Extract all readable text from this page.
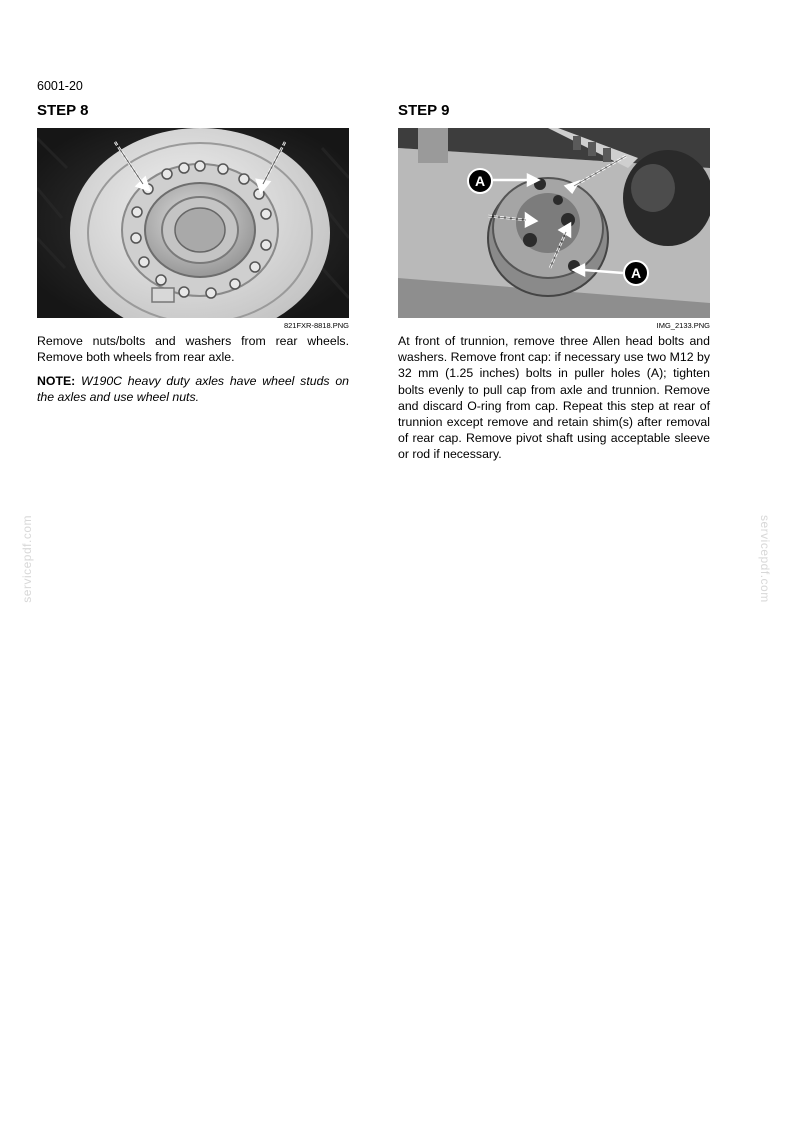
6001-20
STEP 8
821FXR-8818.PNG
Remove nuts/bolts and washers from rear wheels. Remove both wheels from rear axle.
NOTE: W190C heavy duty axles have wheel studs on the axles and use wheel nuts.
STEP 9
A
A
IMG_2133.PNG
At front of trunnion, remove three Allen head bolts and washers. Remove front cap: if necessary use two M12 by 32 mm (1.25 inches) bolts in puller holes (A); tighten bolts evenly to pull cap from axle and trunnion. Remove and discard O-ring from cap. Repeat this step at rear of trunnion except remove and retain shim(s) after removal of rear cap. Remove pivot shaft using acceptable sleeve or rod if necessary.
servicepdf.com	servicepdf.com
